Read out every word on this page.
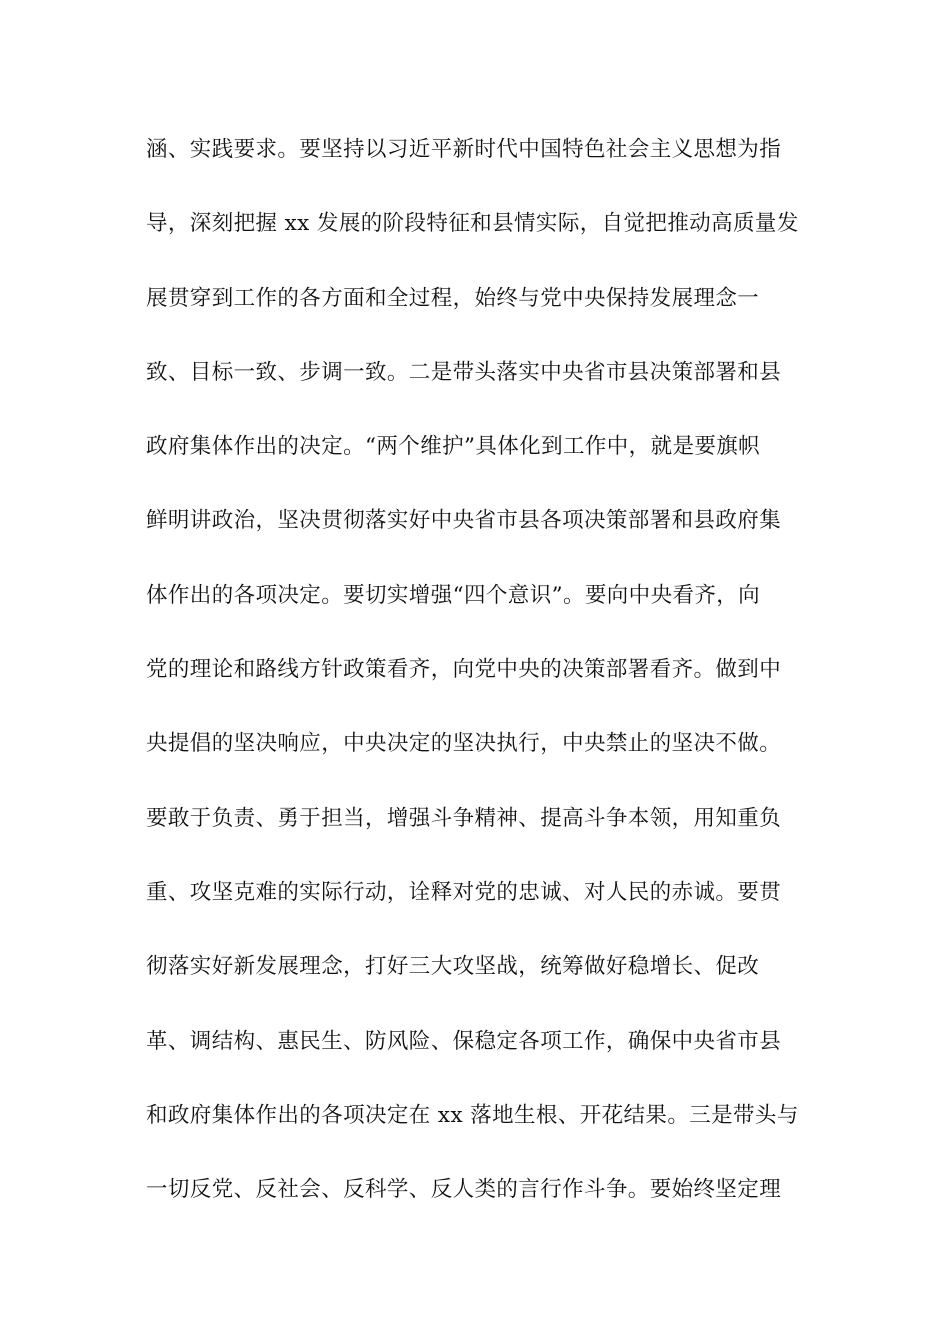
涵、实践要求。要坚持以习近平新时代中国特色社会主义思想为指
导，深刻把握 xx 发展的阶段特征和县情实际，自觉把推动高质量发
展贯穿到工作的各方面和全过程，始终与党中央保持发展理念一
致、目标一致、步调一致。二是带头落实中央省市县决策部署和县
政府集体作出的决定。“两个维护”具体化到工作中，就是要旗帜
鲜明讲政治，坚决贯彻落实好中央省市县各项决策部署和县政府集
体作出的各项决定。要切实增强“四个意识”。要向中央看齐，向
党的理论和路线方针政策看齐，向党中央的决策部署看齐。做到中
央提倡的坚决响应，中央决定的坚决执行，中央禁止的坚决不做。
要敢于负责、勇于担当，增强斗争精神、提高斗争本领，用知重负
重、攻坚克难的实际行动，诠释对党的忠诚、对人民的赤诚。要贯
彻落实好新发展理念，打好三大攻坚战，统筹做好稳增长、促改
革、调结构、惠民生、防风险、保稳定各项工作，确保中央省市县
和政府集体作出的各项决定在 xx 落地生根、开花结果。三是带头与
一切反党、反社会、反科学、反人类的言行作斗争。要始终坚定理
